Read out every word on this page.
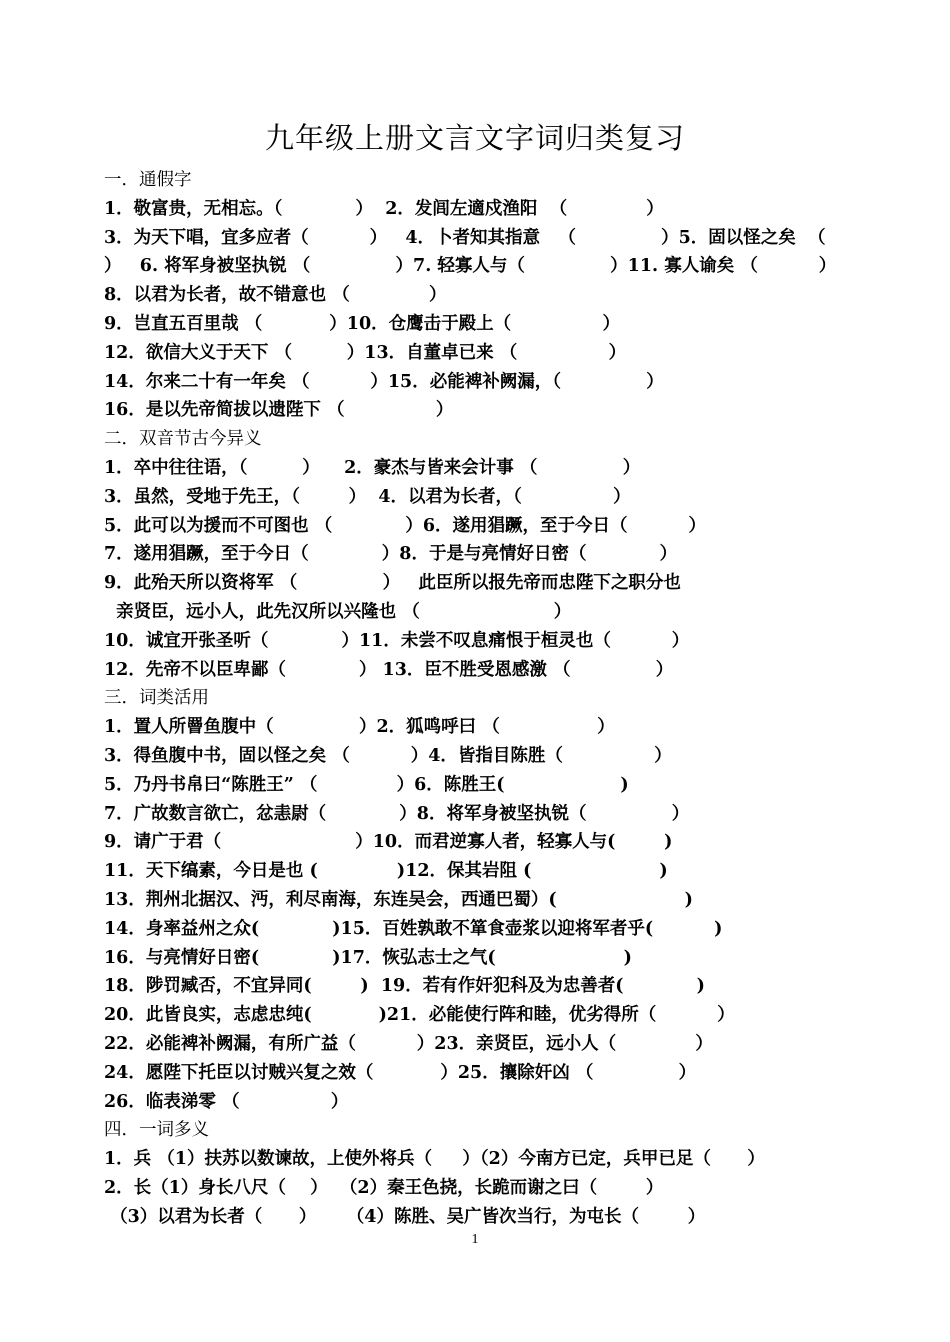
九年级上册文言文字词归类复习
一．通假字
1．敬富贵，无相忘。（            ）  2．发闾左適戍渔阳  （             ）
3．为天下唱，宜多应者（          ）   4．卜者知其指意   （              ）5．固以怪之矣  （
）   6. 将军身被坚执锐 （              ）7. 轻寡人与（              ）11. 寡人谕矣 （          ）
8．以君为长者，故不错意也 （             ）
9．岂直五百里哉 （           ）10．仓鹰击于殿上（               ）
12．欲信大义于天下 （         ）13．自董卓已来 （               ）
14．尔来二十有一年矣 （          ）15．必能裨补阙漏，（              ）
16．是以先帝简拔以遗陛下 （               ）
二．双音节古今异义
1．卒中往往语，（         ）    2．豪杰与皆来会计事 （              ）
3．虽然，受地于先王，（        ）  4．以君为长者，（               ）
5．此可以为援而不可图也 （            ）6．遂用猖蹶，至于今日（          ）
7．遂用猖蹶，至于今日（            ）8．于是与亮情好日密（            ）
9．此殆天所以资将军 （              ）   此臣所以报先帝而忠陛下之职分也
亲贤臣，远小人，此先汉所以兴隆也 （                      ）
10．诚宜开张圣听（            ）11．未尝不叹息痛恨于桓灵也（          ）
12．先帝不以臣卑鄙（            ） 13．臣不胜受恩感激 （              ）
三．词类活用
1．置人所罾鱼腹中（              ）2．狐鸣呼曰 （                ）
3．得鱼腹中书，固以怪之矣 （          ）4．皆指目陈胜（               ）
5．乃丹书帛曰“陈胜王” （             ）6．陈胜王(                   )
7．广故数言欲亡，忿恚尉（            ）8．将军身被坚执锐（              ）
9．请广于君（                      ）10．而君逆寡人者，轻寡人与(        )
11．天下缟素，今日是也 (             )12．保其岩阻 (                     )
13．荆州北据汉、沔，利尽南海，东连吴会，西通巴蜀）(                     )
14．身率益州之众(            )15．百姓孰敢不箪食壶浆以迎将军者乎(          )
16．与亮情好日密(            )17．恢弘志士之气(                     )
18．陟罚臧否，不宜异同(        )  19．若有作奸犯科及为忠善者(            )
20．此皆良实，志虑忠纯(           )21．必能使行阵和睦，优劣得所（          ）
22．必能裨补阙漏，有所广益（          ）23．亲贤臣，远小人（             ）
24．愿陛下托臣以讨贼兴复之效（           ）25．攘除奸凶 （              ）
26．临表涕零 （               ）
四．一词多义
1．兵 （1）扶苏以数谏故，上使外将兵（     ）（2）今南方已定，兵甲已足（      ）
2．长（1）身长八尺（    ）  （2）秦王色挠，长跪而谢之曰（        ）
（3）以君为长者（      ）     （4）陈胜、吴广皆次当行，为屯长（        ）
1
